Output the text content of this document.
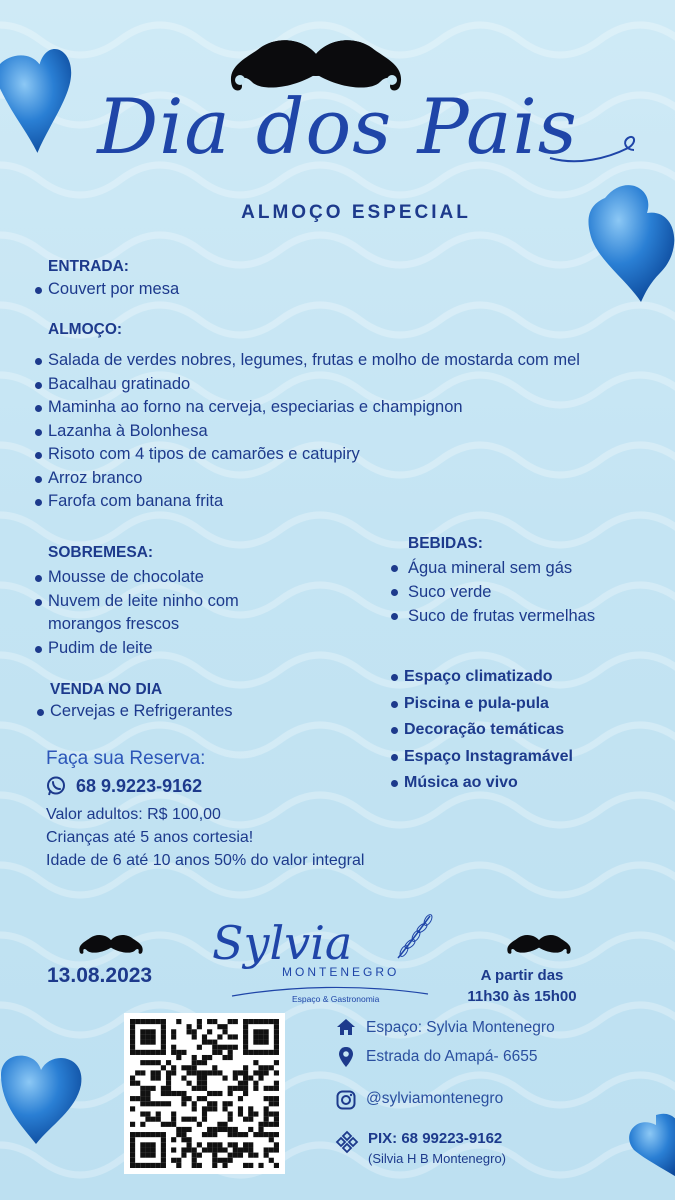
Dia dos Pais
ALMOÇO ESPECIAL
ENTRADA:
Couvert por mesa
ALMOÇO:
Salada de verdes nobres, legumes, frutas e molho de mostarda com mel
Bacalhau gratinado
Maminha ao forno na cerveja, especiarias e champignon
Lazanha à Bolonhesa
Risoto com 4 tipos de camarões e catupiry
Arroz branco
Farofa com banana frita
SOBREMESA:
Mousse de chocolate
Nuvem de leite ninho com
morangos frescos
Pudim de leite
BEBIDAS:
Água mineral sem gás
Suco verde
Suco de frutas vermelhas
VENDA NO DIA
Cervejas e Refrigerantes
Espaço climatizado
Piscina e pula-pula
Decoração temáticas
Espaço Instagramável
Música ao vivo
Faça sua Reserva:
68 9.9223-9162
Valor adultos: R$ 100,00
Crianças até 5 anos cortesia!
Idade de 6 até 10 anos 50% do valor integral
13.08.2023
Sylvia
MONTENEGRO
Espaço & Gastronomia
A partir das
11h30 às 15h00
Espaço: Sylvia Montenegro
Estrada do Amapá- 6655
@sylviamontenegro
PIX: 68 99223-9162
(Silvia H B Montenegro)
